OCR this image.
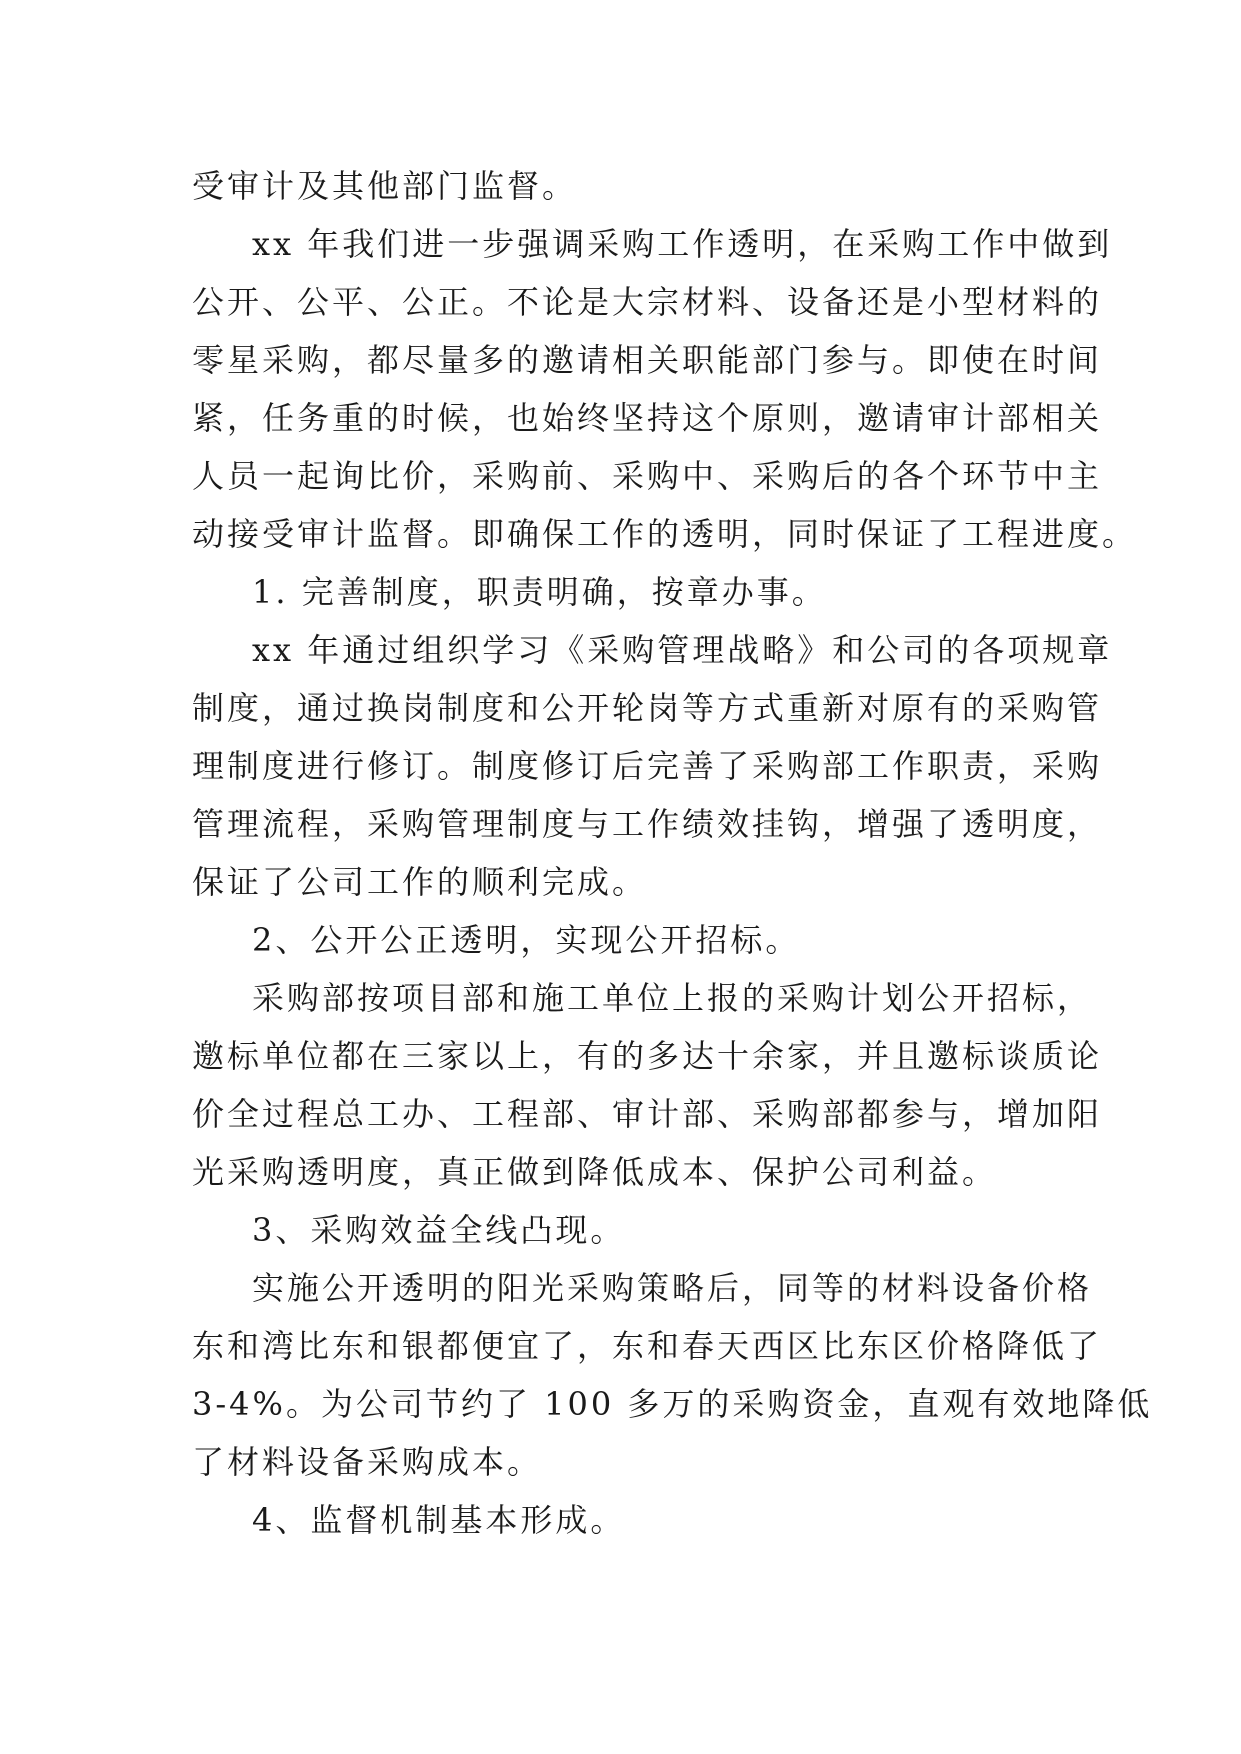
受审计及其他部门监督。
xx 年我们进一步强调采购工作透明，在采购工作中做到
公开、公平、公正。不论是大宗材料、设备还是小型材料的
零星采购，都尽量多的邀请相关职能部门参与。即使在时间
紧，任务重的时候，也始终坚持这个原则，邀请审计部相关
人员一起询比价，采购前、采购中、采购后的各个环节中主
动接受审计监督。即确保工作的透明，同时保证了工程进度。
1. 完善制度，职责明确，按章办事。
xx 年通过组织学习《采购管理战略》和公司的各项规章
制度，通过换岗制度和公开轮岗等方式重新对原有的采购管
理制度进行修订。制度修订后完善了采购部工作职责，采购
管理流程，采购管理制度与工作绩效挂钩，增强了透明度，
保证了公司工作的顺利完成。
2、公开公正透明，实现公开招标。
采购部按项目部和施工单位上报的采购计划公开招标，
邀标单位都在三家以上，有的多达十余家，并且邀标谈质论
价全过程总工办、工程部、审计部、采购部都参与，增加阳
光采购透明度，真正做到降低成本、保护公司利益。
3、采购效益全线凸现。
实施公开透明的阳光采购策略后，同等的材料设备价格
东和湾比东和银都便宜了，东和春天西区比东区价格降低了
3-4%。为公司节约了 100 多万的采购资金，直观有效地降低
了材料设备采购成本。
4、监督机制基本形成。
